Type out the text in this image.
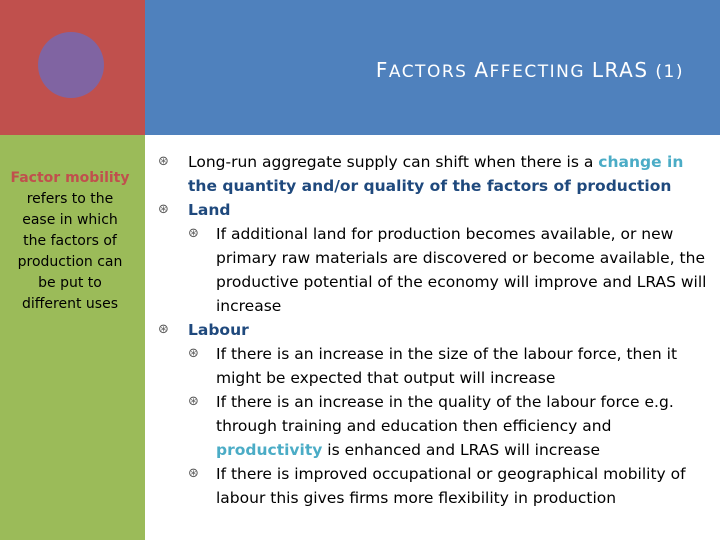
FACTORS AFFECTING LRAS (1)
Factor mobility
refers to the ease in which the factors of production can be put to different uses
⊛ Long-run aggregate supply can shift when there is a change in the quantity and/or quality of the factors of production
⊛ Land
⊛ If additional land for production becomes available, or new primary raw materials are discovered or become available, the productive potential of the economy will improve and LRAS will increase
⊛ Labour
⊛ If there is an increase in the size of the labour force, then it might be expected that output will increase
⊛ If there is an increase in the quality of the labour force e.g. through training and education then efficiency and productivity is enhanced and LRAS will increase
⊛ If there is improved occupational or geographical mobility of labour this gives firms more flexibility in production
